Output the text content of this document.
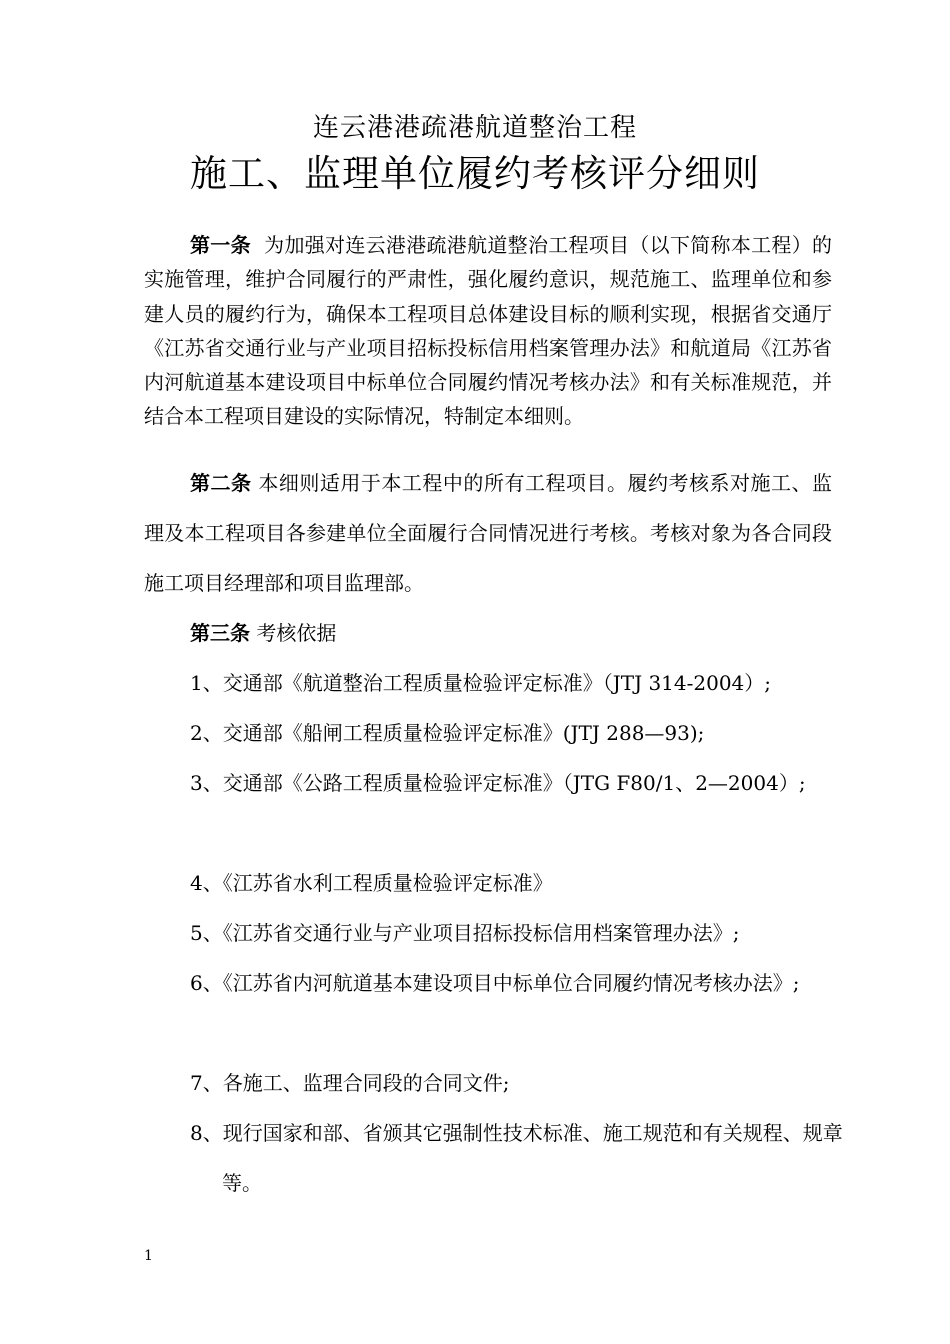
连云港港疏港航道整治工程
施工、监理单位履约考核评分细则
第一条 为加强对连云港港疏港航道整治工程项目（以下简称本工程）的实施管理，维护合同履行的严肃性，强化履约意识，规范施工、监理单位和参建人员的履约行为，确保本工程项目总体建设目标的顺利实现，根据省交通厅《江苏省交通行业与产业项目招标投标信用档案管理办法》和航道局《江苏省内河航道基本建设项目中标单位合同履约情况考核办法》和有关标准规范，并结合本工程项目建设的实际情况，特制定本细则。
第二条 本细则适用于本工程中的所有工程项目。履约考核系对施工、监理及本工程项目各参建单位全面履行合同情况进行考核。考核对象为各合同段施工项目经理部和项目监理部。
第三条 考核依据
1、交通部《航道整治工程质量检验评定标准》（JTJ 314-2004）;
2、交通部《船闸工程质量检验评定标准》(JTJ 288—93);
3、交通部《公路工程质量检验评定标准》（JTG F80/1、2—2004）;
4、《江苏省水利工程质量检验评定标准》
5、《江苏省交通行业与产业项目招标投标信用档案管理办法》;
6、《江苏省内河航道基本建设项目中标单位合同履约情况考核办法》;
7、各施工、监理合同段的合同文件;
8、现行国家和部、省颁其它强制性技术标准、施工规范和有关规程、规章等。
1
